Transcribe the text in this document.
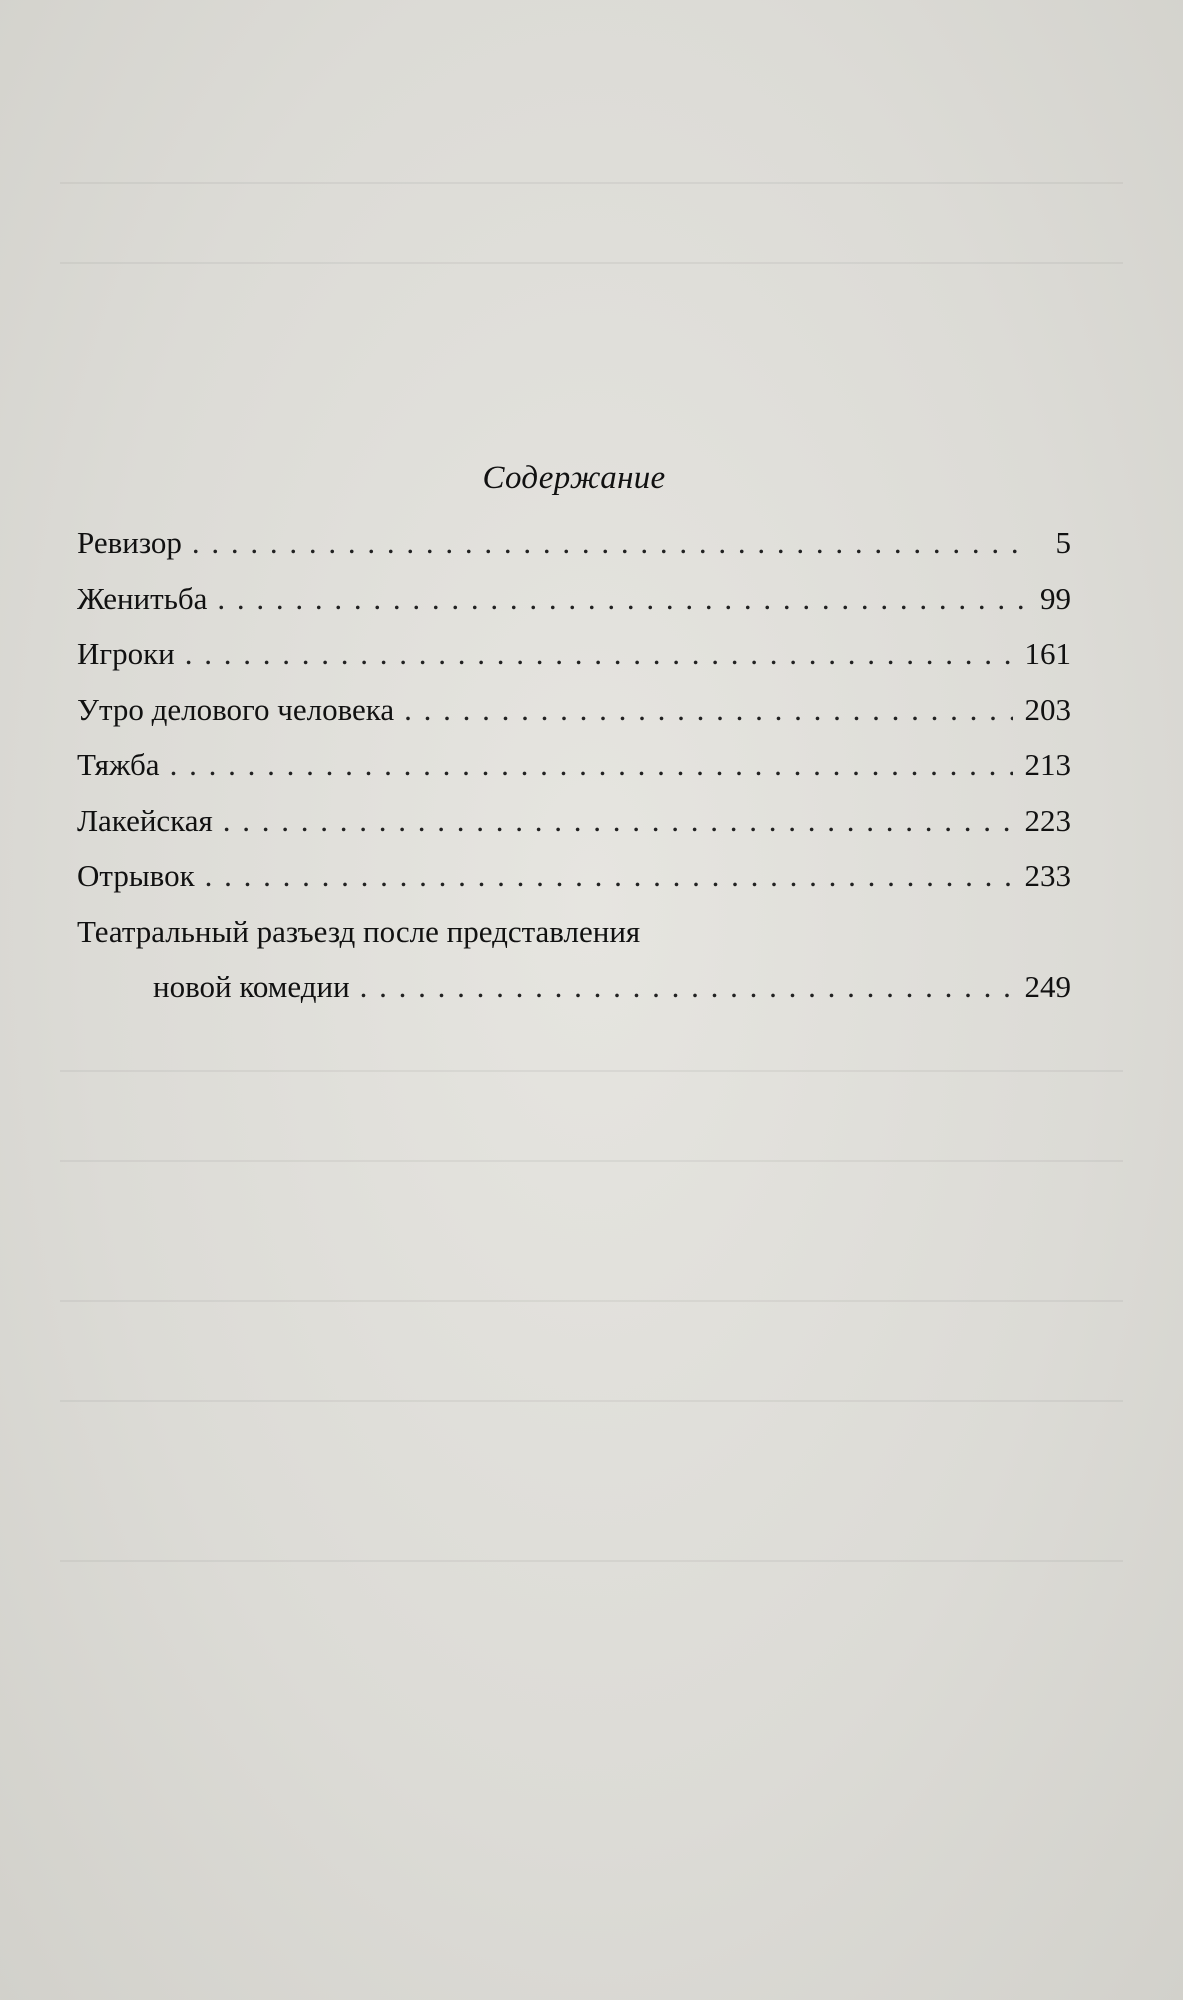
Содержание
Ревизор . . .	5
Женитьба . . .	99
Игроки . . .	161
Утро делового человека . . .	203
Тяжба . . .	213
Лакейская . . .	223
Отрывок . . .	233
Театральный разъезд после представления
новой комедии . . .	249
